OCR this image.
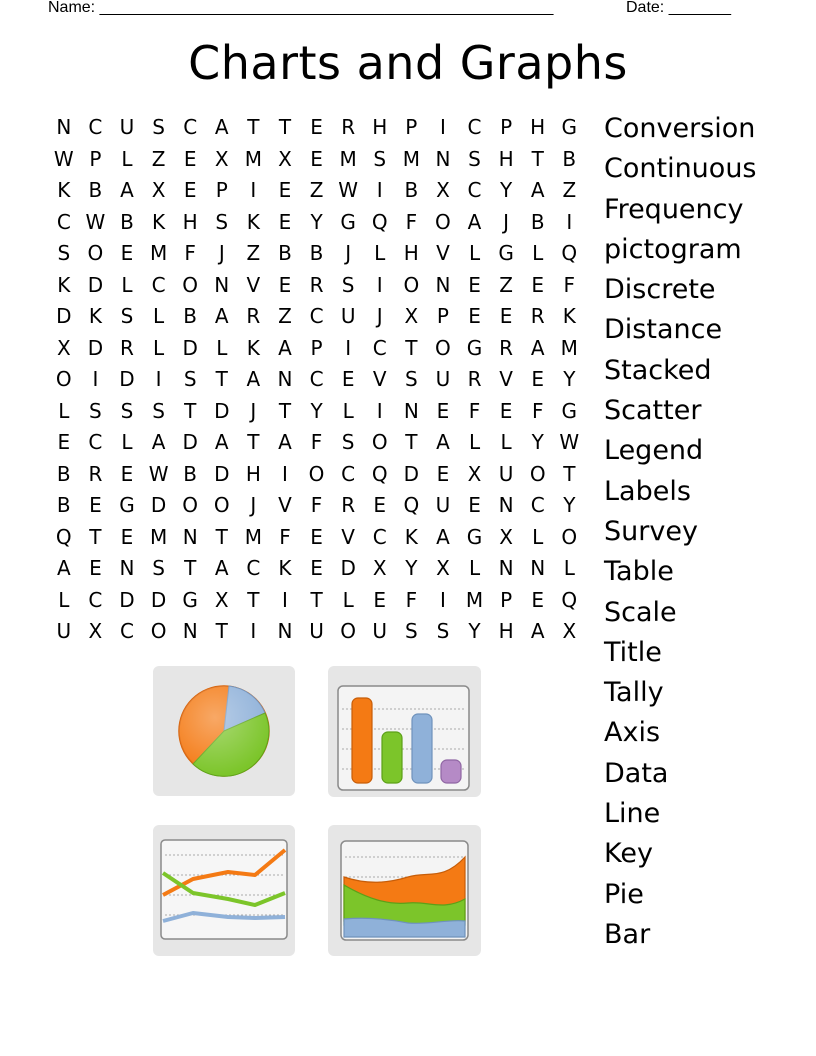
Name: ___________________________________________________	Date: _______
Charts and Graphs
N C U S C A T T E R H P	I	C P H G
W P L Z E X M X E M S M N S H T B
K B A X E P	I	E Z W I	B X C Y A Z
C W B K H S K E Y G Q F O A	J	B	I
S O E M F	J	Z B B	J	L H V L G L Q
K D L C O N V E R S	I	O N E Z E F
D K S L B A R Z C U	J	X P E E R K
X D R L D L K A P	I	C T O G R A M
O	I	D	I	S T A N C E V S U R V E Y
L S S S T D	J	T Y L	I	N E F E F G
E C L A D A T A F S O T A L	L Y W
B R E W B D H	I	O C Q D E X U O T
B E G D O O	J	V F R E Q U E N C Y
Q T E M N T M F E V C K A G X L O
A E N S T A C K E D X Y X L N N L
L C D D G X T	I	T L E F	I	M P E Q
U X C O N T	I	N U O U S S Y H A X
Conversion
Continuous
Frequency
pictogram
Discrete
Distance
Stacked
Scatter
Legend
Labels
Survey
Table
Scale
Title
Tally
Axis
Data
Line
Key
Pie
Bar
